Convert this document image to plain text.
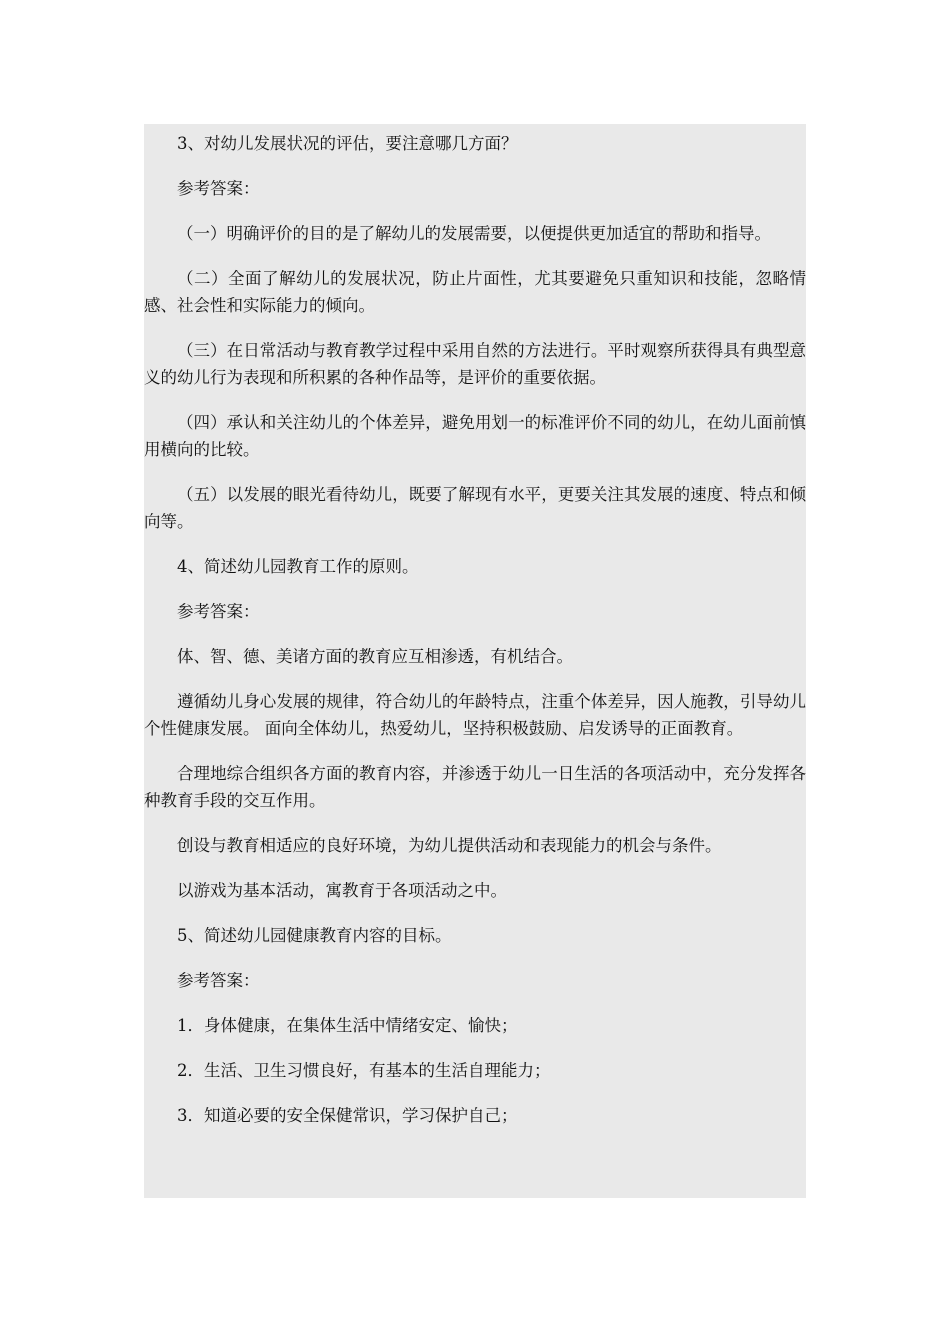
3、对幼儿发展状况的评估，要注意哪几方面？

参考答案：

（一）明确评价的目的是了解幼儿的发展需要，以便提供更加适宜的帮助和指导。

（二）全面了解幼儿的发展状况，防止片面性，尤其要避免只重知识和技能，忽略情感、社会性和实际能力的倾向。

（三）在日常活动与教育教学过程中采用自然的方法进行。平时观察所获得具有典型意义的幼儿行为表现和所积累的各种作品等，是评价的重要依据。

（四）承认和关注幼儿的个体差异，避免用划一的标准评价不同的幼儿，在幼儿面前慎用横向的比较。

（五）以发展的眼光看待幼儿，既要了解现有水平，更要关注其发展的速度、特点和倾向等。

4、简述幼儿园教育工作的原则。

参考答案：

体、智、德、美诸方面的教育应互相渗透，有机结合。

遵循幼儿身心发展的规律，符合幼儿的年龄特点，注重个体差异，因人施教，引导幼儿个性健康发展。 面向全体幼儿，热爱幼儿，坚持积极鼓励、启发诱导的正面教育。

合理地综合组织各方面的教育内容，并渗透于幼儿一日生活的各项活动中，充分发挥各种教育手段的交互作用。

创设与教育相适应的良好环境，为幼儿提供活动和表现能力的机会与条件。

以游戏为基本活动，寓教育于各项活动之中。

5、简述幼儿园健康教育内容的目标。

参考答案：

1．身体健康，在集体生活中情绪安定、愉快；

2．生活、卫生习惯良好，有基本的生活自理能力；

3．知道必要的安全保健常识，学习保护自己；
